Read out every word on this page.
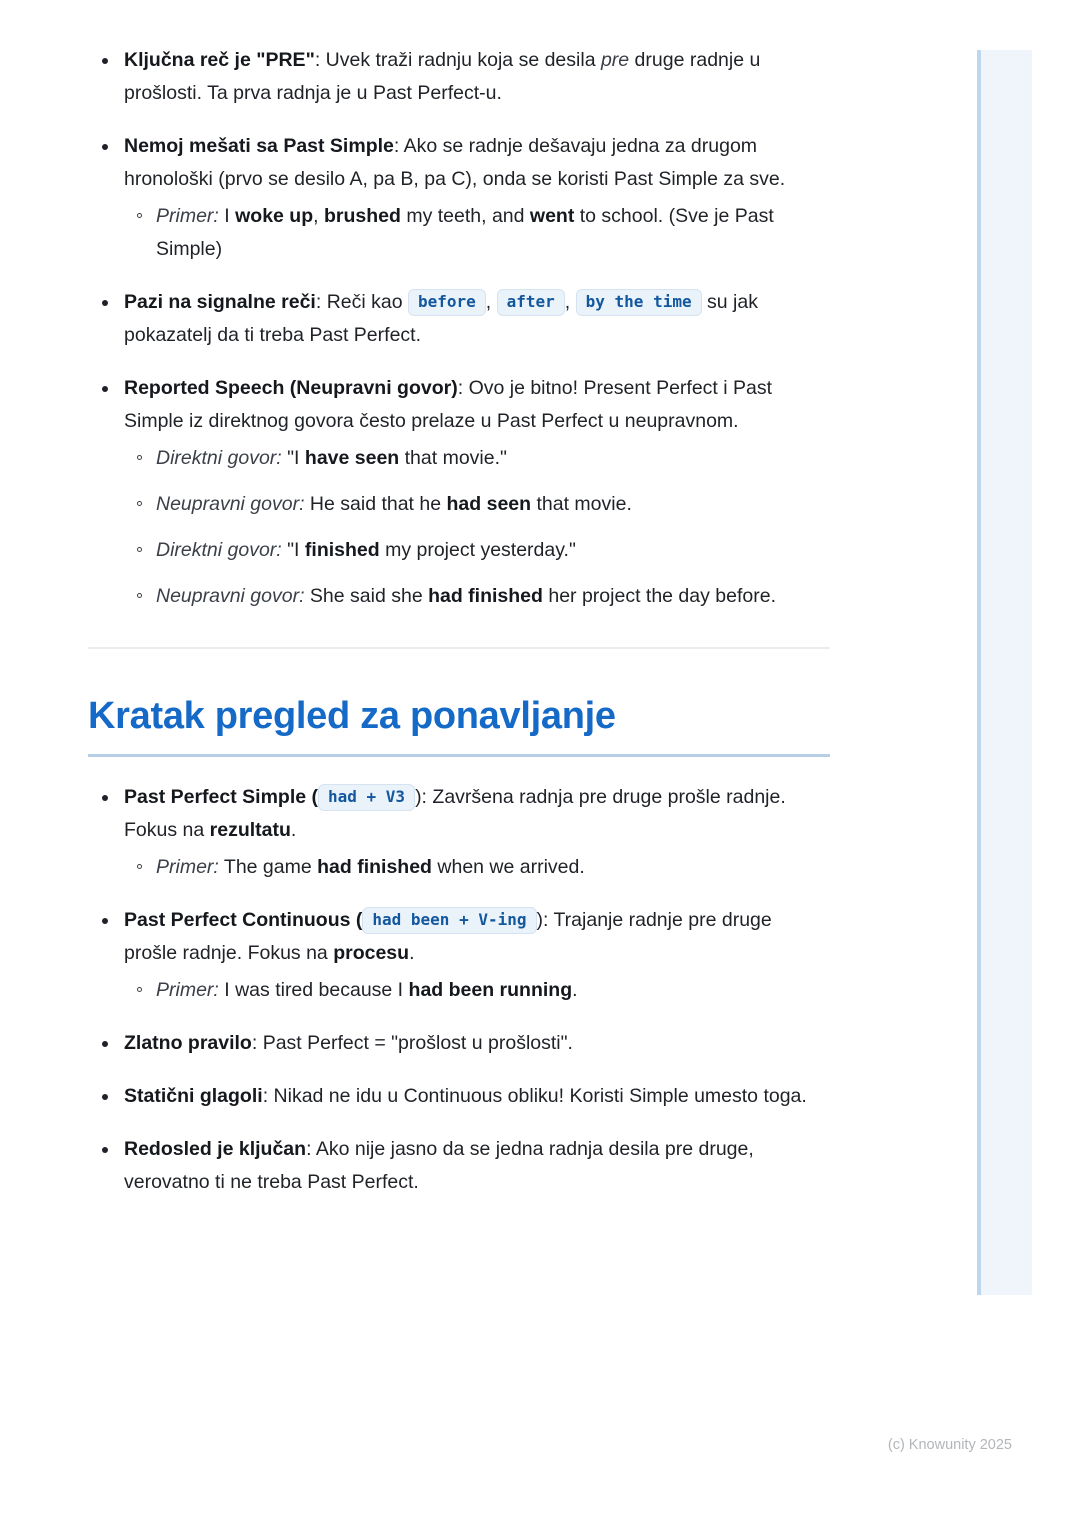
Ključna reč je "PRE": Uvek traži radnju koja se desila pre druge radnje u prošlosti. Ta prva radnja je u Past Perfect-u.
Nemoj mešati sa Past Simple: Ako se radnje dešavaju jedna za drugom hronološki (prvo se desilo A, pa B, pa C), onda se koristi Past Simple za sve.
Primer: I woke up, brushed my teeth, and went to school. (Sve je Past Simple)
Pazi na signalne reči: Reči kao before , after , by the time su jak pokazatelj da ti treba Past Perfect.
Reported Speech (Neupravni govor): Ovo je bitno! Present Perfect i Past Simple iz direktnog govora često prelaze u Past Perfect u neupravnom.
Direktni govor: "I have seen that movie."
Neupravni govor: He said that he had seen that movie.
Direktni govor: "I finished my project yesterday."
Neupravni govor: She said she had finished her project the day before.
Kratak pregled za ponavljanje
Past Perfect Simple ( had + V3 ): Završena radnja pre druge prošle radnje. Fokus na rezultatu.
Primer: The game had finished when we arrived.
Past Perfect Continuous ( had been + V-ing ): Trajanje radnje pre druge prošle radnje. Fokus na procesu.
Primer: I was tired because I had been running.
Zlatno pravilo: Past Perfect = "prošlost u prošlosti".
Statični glagoli: Nikad ne idu u Continuous obliku! Koristi Simple umesto toga.
Redosled je ključan: Ako nije jasno da se jedna radnja desila pre druge, verovatno ti ne treba Past Perfect.
(c) Knowunity 2025
